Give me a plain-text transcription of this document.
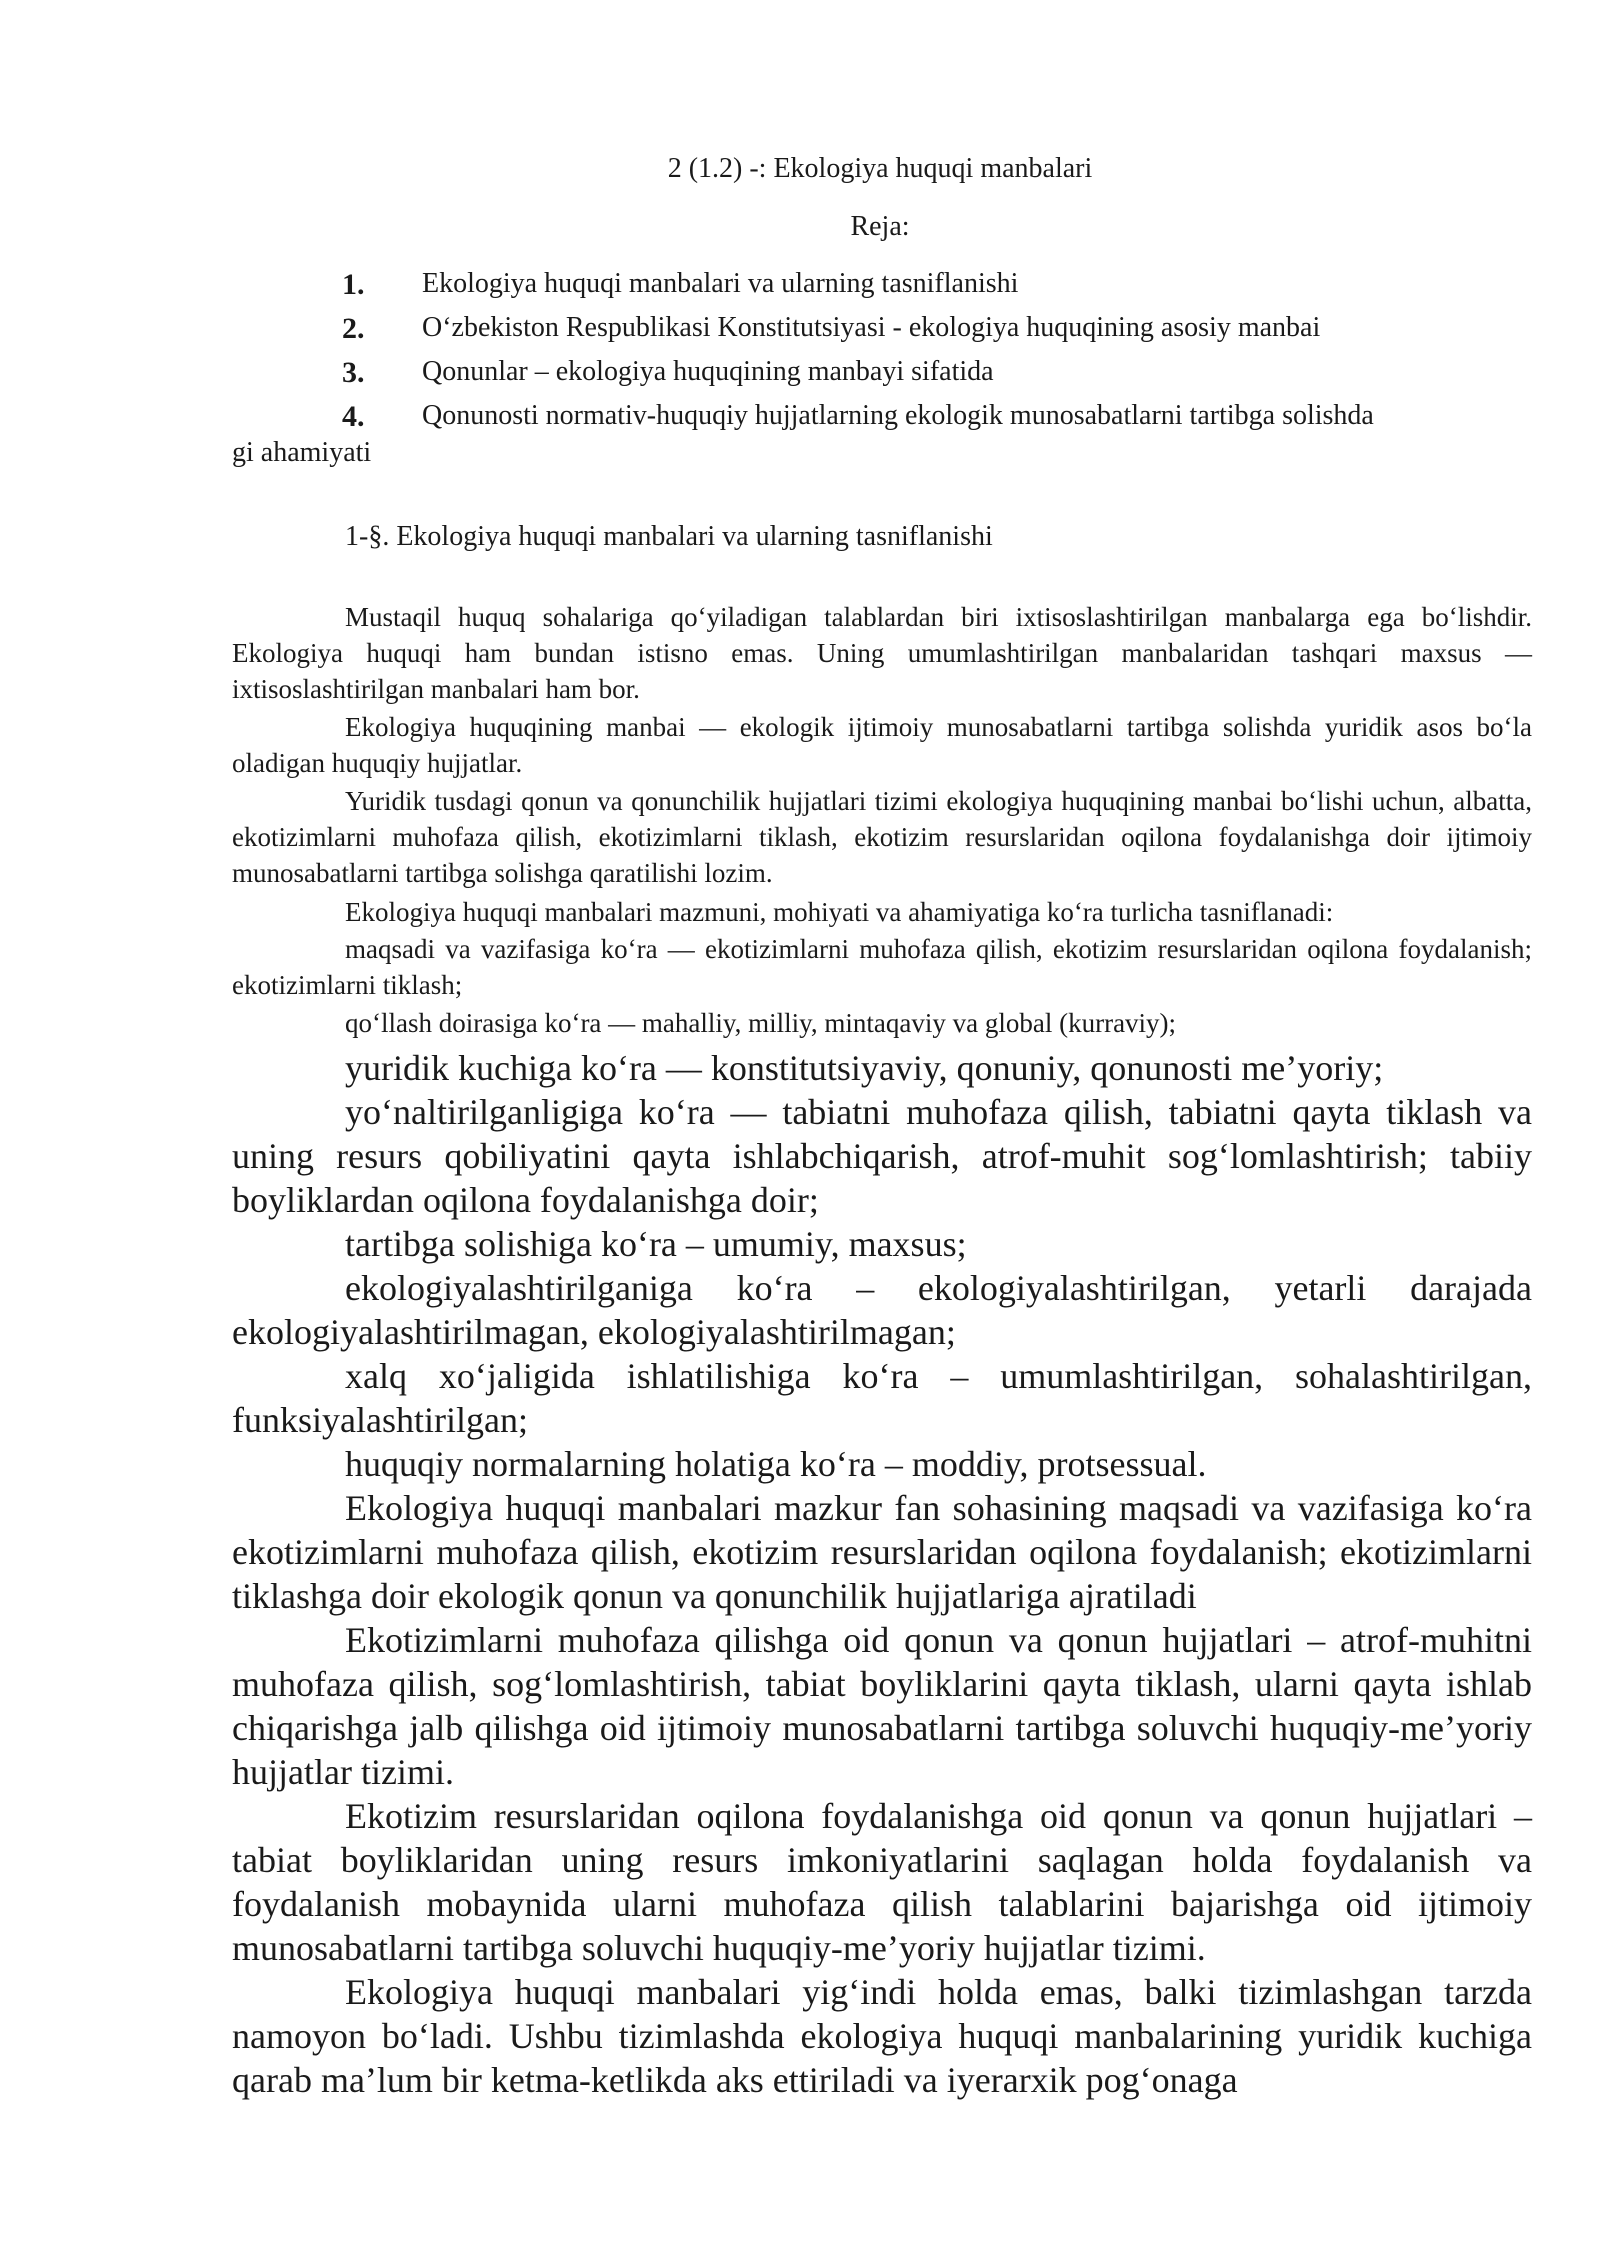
2 (1.2) -: Ekologiya huquqi manbalari
Reja:
1. Ekologiya huquqi manbalari va ularning tasniflanishi
2. O‘zbekiston Respublikasi Konstitutsiyasi - ekologiya huquqining asosiy manbai
3. Qonunlar – ekologiya huquqining manbayi sifatida
4. Qonunosti normativ-huquqiy hujjatlarning ekologik munosabatlarni tartibga solishda
gi ahamiyati
1-§. Ekologiya huquqi manbalari va ularning tasniflanishi

Mustaqil huquq sohalariga qo‘yiladigan talablardan biri ixtisoslashtirilgan manbalarga ega bo‘lishdir. Ekologiya huquqi ham bundan istisno emas. Uning umumlashtirilgan manbalaridan tashqari maxsus — ixtisoslashtirilgan manbalari ham bor.

Ekologiya huquqining manbai — ekologik ijtimoiy munosabatlarni tartibga solishda yuridik asos bo‘la oladigan huquqiy hujjatlar.

Yuridik tusdagi qonun va qonunchilik hujjatlari tizimi ekologiya huquqining manbai bo‘lishi uchun, albatta, ekotizimlarni muhofaza qilish, ekotizimlarni tiklash, ekotizim resurslaridan oqilona foydalanishga doir ijtimoiy munosabatlarni tartibga solishga qaratilishi lozim.

Ekologiya huquqi manbalari mazmuni, mohiyati va ahamiyatiga ko‘ra turlicha tasniflanadi:

maqsadi va vazifasiga ko‘ra — ekotizimlarni muhofaza qilish, ekotizim resurslaridan oqilona foydalanish; ekotizimlarni tiklash;

qo‘llash doirasiga ko‘ra — mahalliy, milliy, mintaqaviy va global (kurraviy);

yuridik kuchiga ko‘ra — konstitutsiyaviy, qonuniy, qonunosti me’yoriy;

yo‘naltirilganligiga ko‘ra — tabiatni muhofaza qilish, tabiatni qayta tiklash va uning resurs qobiliyatini qayta ishlabchiqarish, atrof-muhit sog‘lomlashtirish; tabiiy boyliklardan oqilona foydalanishga doir;

tartibga solishiga ko‘ra – umumiy, maxsus;

ekologiyalashtirilganiga ko‘ra – ekologiyalashtirilgan, yetarli darajada ekologiyalashtirilmagan, ekologiyalashtirilmagan;

xalq xo‘jaligida ishlatilishiga ko‘ra – umumlashtirilgan, sohalashtirilgan, funksiyalashtirilgan;

huquqiy normalarning holatiga ko‘ra – moddiy, protsessual.

Ekologiya huquqi manbalari mazkur fan sohasining maqsadi va vazifasiga ko‘ra ekotizimlarni muhofaza qilish, ekotizim resurslaridan oqilona foydalanish; ekotizimlarni tiklashga doir ekologik qonun va qonunchilik hujjatlariga ajratiladi

Ekotizimlarni muhofaza qilishga oid qonun va qonun hujjatlari – atrof-muhitni muhofaza qilish, sog‘lomlashtirish, tabiat boyliklarini qayta tiklash, ularni qayta ishlab chiqarishga jalb qilishga oid ijtimoiy munosabatlarni tartibga soluvchi huquqiy-me’yoriy hujjatlar tizimi.

Ekotizim resurslaridan oqilona foydalanishga oid qonun va qonun hujjatlari – tabiat boyliklaridan uning resurs imkoniyatlarini saqlagan holda foydalanish va foydalanish mobaynida ularni muhofaza qilish talablarini bajarishga oid ijtimoiy munosabatlarni tartibga soluvchi huquqiy-me’yoriy hujjatlar tizimi.

Ekologiya huquqi manbalari yig‘indi holda emas, balki tizimlashgan tarzda namoyon bo‘ladi. Ushbu tizimlashda ekologiya huquqi manbalarining yuridik kuchiga qarab ma’lum bir ketma-ketlikda aks ettiriladi va iyerarxik pog‘onaga
